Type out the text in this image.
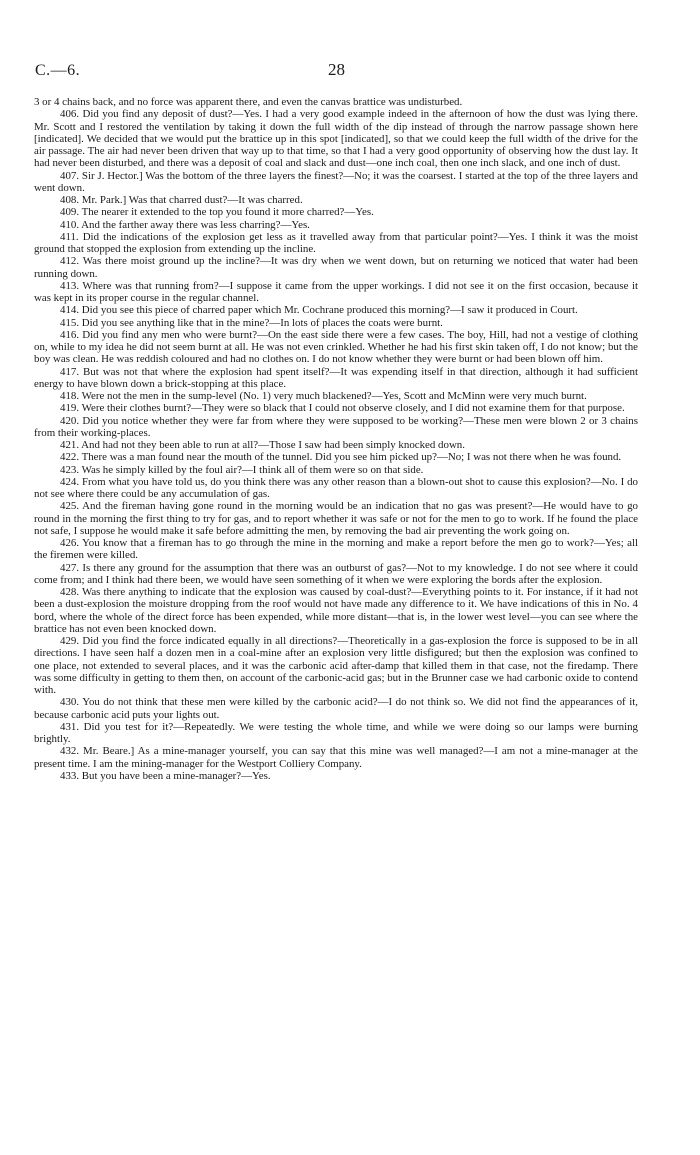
C.—6.	28

3 or 4 chains back, and no force was apparent there, and even the canvas brattice was undisturbed.

406. Did you find any deposit of dust?—Yes. I had a very good example indeed in the afternoon of how the dust was lying there. Mr. Scott and I restored the ventilation by taking it down the full width of the dip instead of through the narrow passage shown here [indicated]. We decided that we would put the brattice up in this spot [indicated], so that we could keep the full width of the drive for the air passage. The air had never been driven that way up to that time, so that I had a very good opportunity of observing how the dust lay. It had never been disturbed, and there was a deposit of coal and slack and dust—one inch coal, then one inch slack, and one inch of dust.

407. Sir J. Hector.] Was the bottom of the three layers the finest?—No; it was the coarsest. I started at the top of the three layers and went down.

408. Mr. Park.] Was that charred dust?—It was charred.

409. The nearer it extended to the top you found it more charred?—Yes.

410. And the farther away there was less charring?—Yes.

411. Did the indications of the explosion get less as it travelled away from that particular point?—Yes. I think it was the moist ground that stopped the explosion from extending up the incline.

412. Was there moist ground up the incline?—It was dry when we went down, but on returning we noticed that water had been running down.

413. Where was that running from?—I suppose it came from the upper workings. I did not see it on the first occasion, because it was kept in its proper course in the regular channel.

414. Did you see this piece of charred paper which Mr. Cochrane produced this morning?—I saw it produced in Court.

415. Did you see anything like that in the mine?—In lots of places the coats were burnt.

416. Did you find any men who were burnt?—On the east side there were a few cases. The boy, Hill, had not a vestige of clothing on, while to my idea he did not seem burnt at all. He was not even crinkled. Whether he had his first skin taken off, I do not know; but the boy was clean. He was reddish coloured and had no clothes on. I do not know whether they were burnt or had been blown off him.

417. But was not that where the explosion had spent itself?—It was expending itself in that direction, although it had sufficient energy to have blown down a brick-stopping at this place.

418. Were not the men in the sump-level (No. 1) very much blackened?—Yes, Scott and McMinn were very much burnt.

419. Were their clothes burnt?—They were so black that I could not observe closely, and I did not examine them for that purpose.

420. Did you notice whether they were far from where they were supposed to be working?—These men were blown 2 or 3 chains from their working-places.

421. And had not they been able to run at all?—Those I saw had been simply knocked down.

422. There was a man found near the mouth of the tunnel. Did you see him picked up?—No; I was not there when he was found.

423. Was he simply killed by the foul air?—I think all of them were so on that side.

424. From what you have told us, do you think there was any other reason than a blown-out shot to cause this explosion?—No. I do not see where there could be any accumulation of gas.

425. And the fireman having gone round in the morning would be an indication that no gas was present?—He would have to go round in the morning the first thing to try for gas, and to report whether it was safe or not for the men to go to work. If he found the place not safe, I suppose he would make it safe before admitting the men, by removing the bad air preventing the work going on.

426. You know that a fireman has to go through the mine in the morning and make a report before the men go to work?—Yes; all the firemen were killed.

427. Is there any ground for the assumption that there was an outburst of gas?—Not to my knowledge. I do not see where it could come from; and I think had there been, we would have seen something of it when we were exploring the bords after the explosion.

428. Was there anything to indicate that the explosion was caused by coal-dust?—Everything points to it. For instance, if it had not been a dust-explosion the moisture dropping from the roof would not have made any difference to it. We have indications of this in No. 4 bord, where the whole of the direct force has been expended, while more distant—that is, in the lower west level—you can see where the brattice has not even been knocked down.

429. Did you find the force indicated equally in all directions?—Theoretically in a gas-explosion the force is supposed to be in all directions. I have seen half a dozen men in a coal-mine after an explosion very little disfigured; but then the explosion was confined to one place, not extended to several places, and it was the carbonic acid after-damp that killed them in that case, not the firedamp. There was some difficulty in getting to them then, on account of the carbonic-acid gas; but in the Brunner case we had carbonic oxide to contend with.

430. You do not think that these men were killed by the carbonic acid?—I do not think so. We did not find the appearances of it, because carbonic acid puts your lights out.

431. Did you test for it?—Repeatedly. We were testing the whole time, and while we were doing so our lamps were burning brightly.

432. Mr. Beare.] As a mine-manager yourself, you can say that this mine was well managed?—I am not a mine-manager at the present time. I am the mining-manager for the Westport Colliery Company.

433. But you have been a mine-manager?—Yes.
